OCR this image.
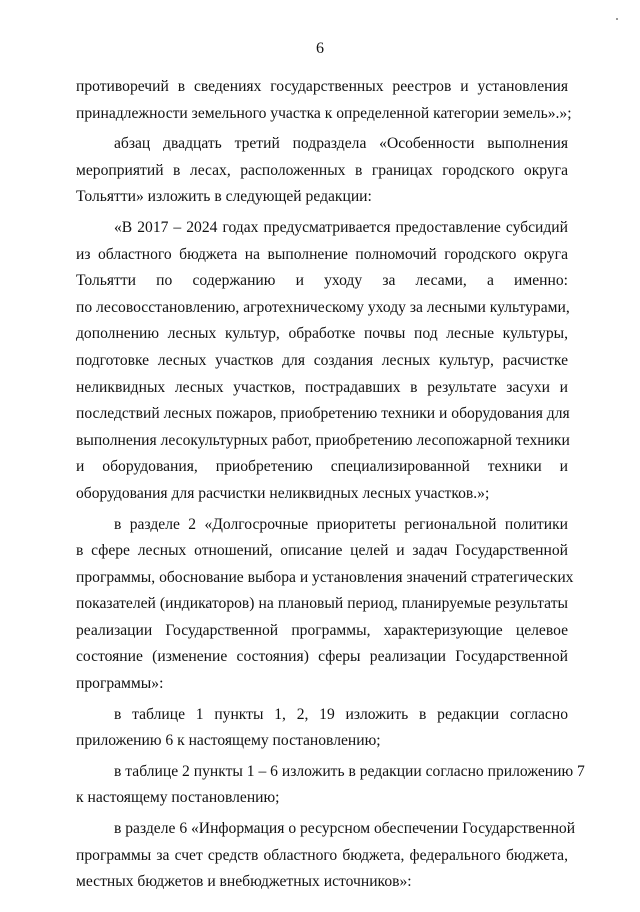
6
противоречий в сведениях государственных реестров и установления
принадлежности земельного участка к определенной категории земель».»;
абзац двадцать третий подраздела «Особенности выполнения
мероприятий в лесах, расположенных в границах городского округа
Тольятти» изложить в следующей редакции:
«В 2017 – 2024 годах предусматривается предоставление субсидий
из областного бюджета на выполнение полномочий городского округа
Тольятти по содержанию и уходу за лесами, а именно:
по лесовосстановлению, агротехническому уходу за лесными культурами,
дополнению лесных культур, обработке почвы под лесные культуры,
подготовке лесных участков для создания лесных культур, расчистке
неликвидных лесных участков, пострадавших в результате засухи и
последствий лесных пожаров, приобретению техники и оборудования для
выполнения лесокультурных работ, приобретению лесопожарной техники
и оборудования, приобретению специализированной техники и
оборудования для расчистки неликвидных лесных участков.»;
в разделе 2 «Долгосрочные приоритеты региональной политики
в сфере лесных отношений, описание целей и задач Государственной
программы, обоснование выбора и установления значений стратегических
показателей (индикаторов) на плановый период, планируемые результаты
реализации Государственной программы, характеризующие целевое
состояние (изменение состояния) сферы реализации Государственной
программы»:
в таблице 1 пункты 1, 2, 19 изложить в редакции согласно
приложению 6 к настоящему постановлению;
в таблице 2 пункты 1 – 6 изложить в редакции согласно приложению 7
к настоящему постановлению;
в разделе 6 «Информация о ресурсном обеспечении Государственной
программы за счет средств областного бюджета, федерального бюджета,
местных бюджетов и внебюджетных источников»:
